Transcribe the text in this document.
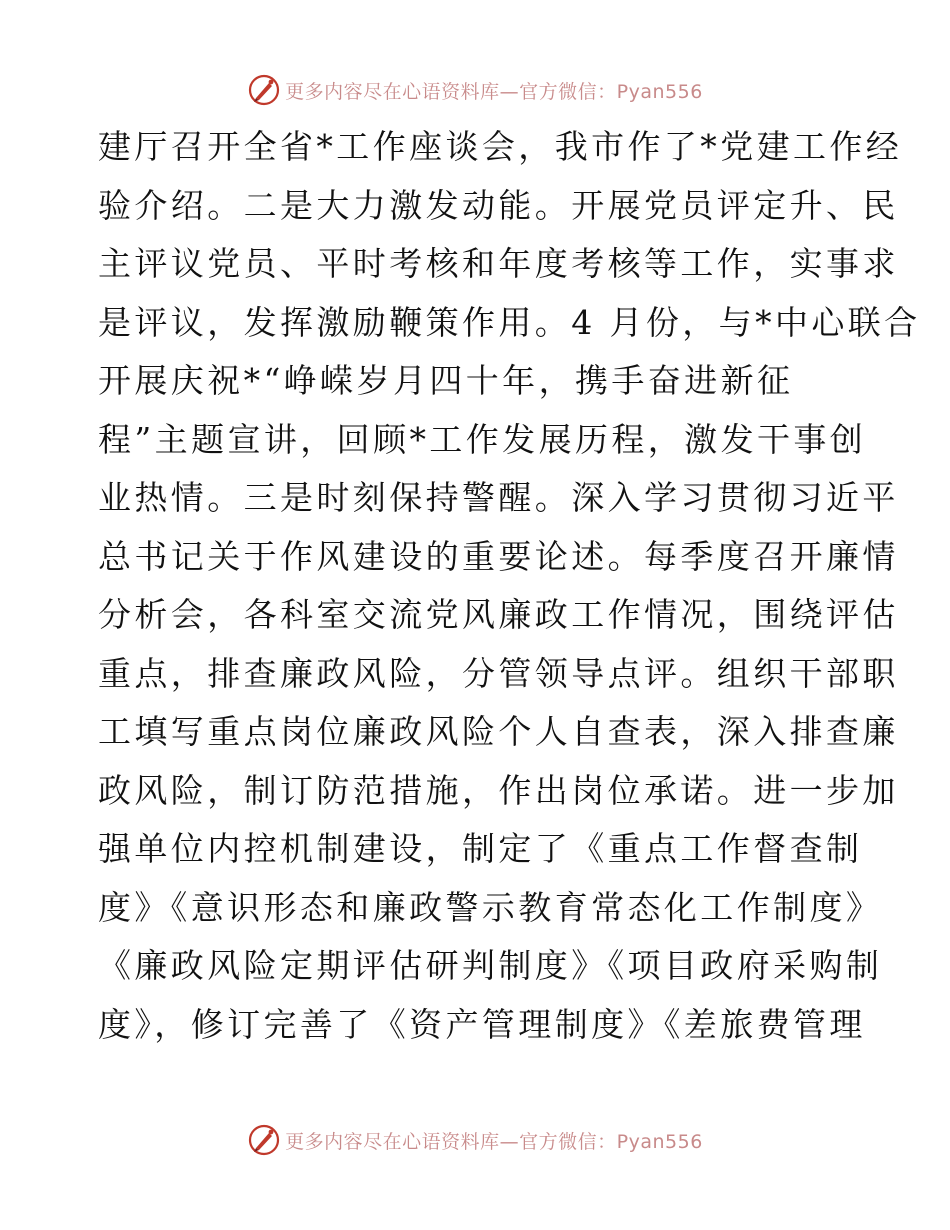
更多内容尽在心语资料库—官方微信：Pyan556
建厅召开全省*工作座谈会，我市作了*党建工作经
验介绍。二是大力激发动能。开展党员评定升、民
主评议党员、平时考核和年度考核等工作，实事求
是评议，发挥激励鞭策作用。4 月份，与*中心联合
开展庆祝*“峥嵘岁月四十年，携手奋进新征
程”主题宣讲，回顾*工作发展历程，激发干事创
业热情。三是时刻保持警醒。深入学习贯彻习近平
总书记关于作风建设的重要论述。每季度召开廉情
分析会，各科室交流党风廉政工作情况，围绕评估
重点，排查廉政风险，分管领导点评。组织干部职
工填写重点岗位廉政风险个人自查表，深入排查廉
政风险，制订防范措施，作出岗位承诺。进一步加
强单位内控机制建设，制定了《重点工作督查制
度》《意识形态和廉政警示教育常态化工作制度》
《廉政风险定期评估研判制度》《项目政府采购制
度》，修订完善了《资产管理制度》《差旅费管理
更多内容尽在心语资料库—官方微信：Pyan556
